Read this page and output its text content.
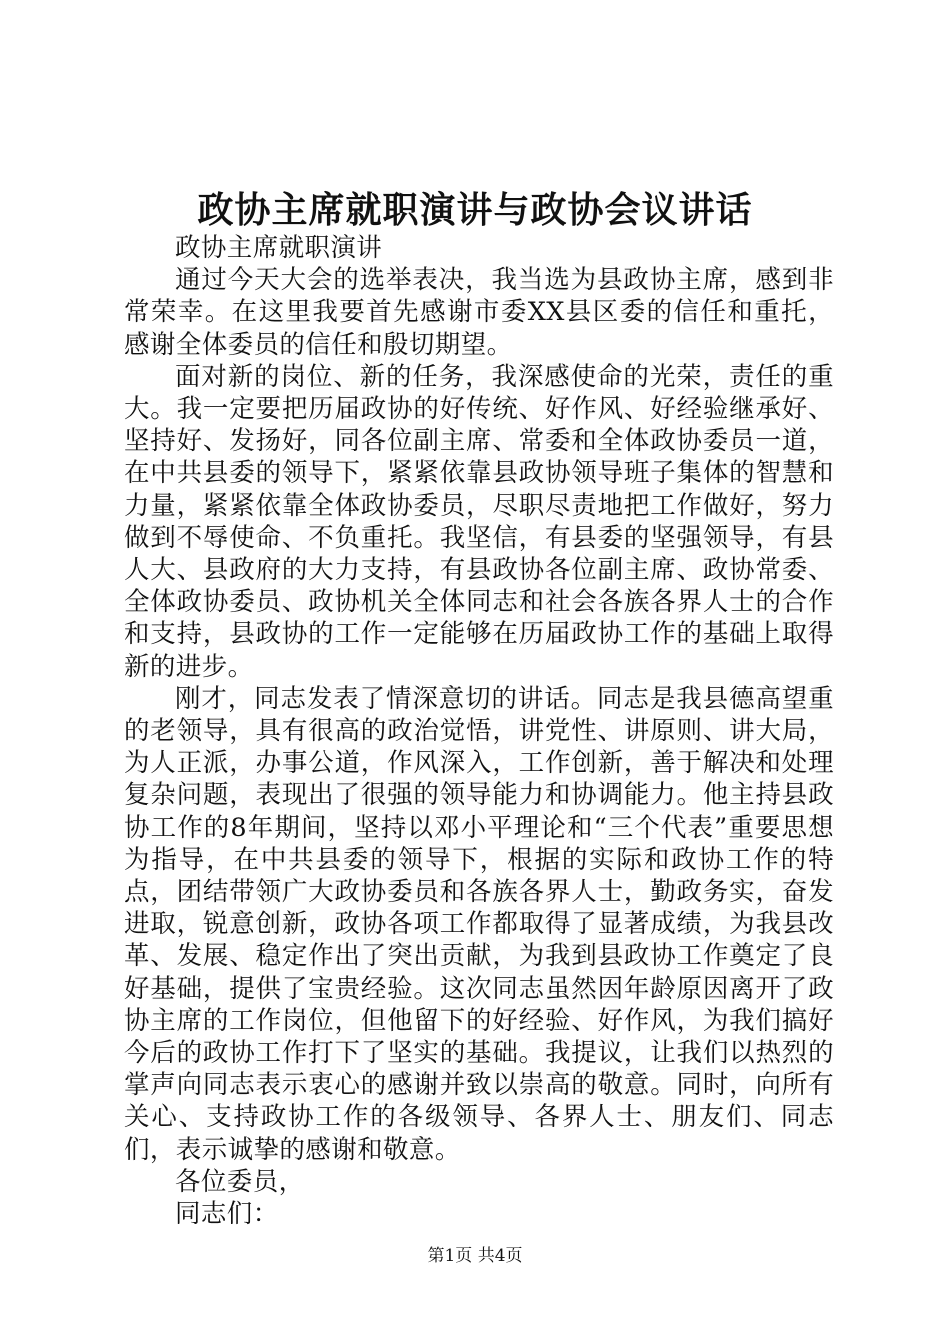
政协主席就职演讲与政协会议讲话

政协主席就职演讲

通过今天大会的选举表决，我当选为县政协主席，感到非常荣幸。在这里我要首先感谢市委XX县区委的信任和重托，感谢全体委员的信任和殷切期望。

面对新的岗位、新的任务，我深感使命的光荣，责任的重大。我一定要把历届政协的好传统、好作风、好经验继承好、坚持好、发扬好，同各位副主席、常委和全体政协委员一道，在中共县委的领导下，紧紧依靠县政协领导班子集体的智慧和力量，紧紧依靠全体政协委员，尽职尽责地把工作做好，努力做到不辱使命、不负重托。我坚信，有县委的坚强领导，有县人大、县政府的大力支持，有县政协各位副主席、政协常委、全体政协委员、政协机关全体同志和社会各族各界人士的合作和支持，县政协的工作一定能够在历届政协工作的基础上取得新的进步。

刚才，同志发表了情深意切的讲话。同志是我县德高望重的老领导，具有很高的政治觉悟，讲党性、讲原则、讲大局，为人正派，办事公道，作风深入，工作创新，善于解决和处理复杂问题，表现出了很强的领导能力和协调能力。他主持县政协工作的8年期间，坚持以邓小平理论和“三个代表”重要思想为指导，在中共县委的领导下，根据的实际和政协工作的特点，团结带领广大政协委员和各族各界人士，勤政务实，奋发进取，锐意创新，政协各项工作都取得了显著成绩，为我县改革、发展、稳定作出了突出贡献，为我到县政协工作奠定了良好基础，提供了宝贵经验。这次同志虽然因年龄原因离开了政协主席的工作岗位，但他留下的好经验、好作风，为我们搞好今后的政协工作打下了坚实的基础。我提议，让我们以热烈的掌声向同志表示衷心的感谢并致以崇高的敬意。同时，向所有关心、支持政协工作的各级领导、各界人士、朋友们、同志们，表示诚挚的感谢和敬意。

各位委员，

同志们：

第1页 共4页
